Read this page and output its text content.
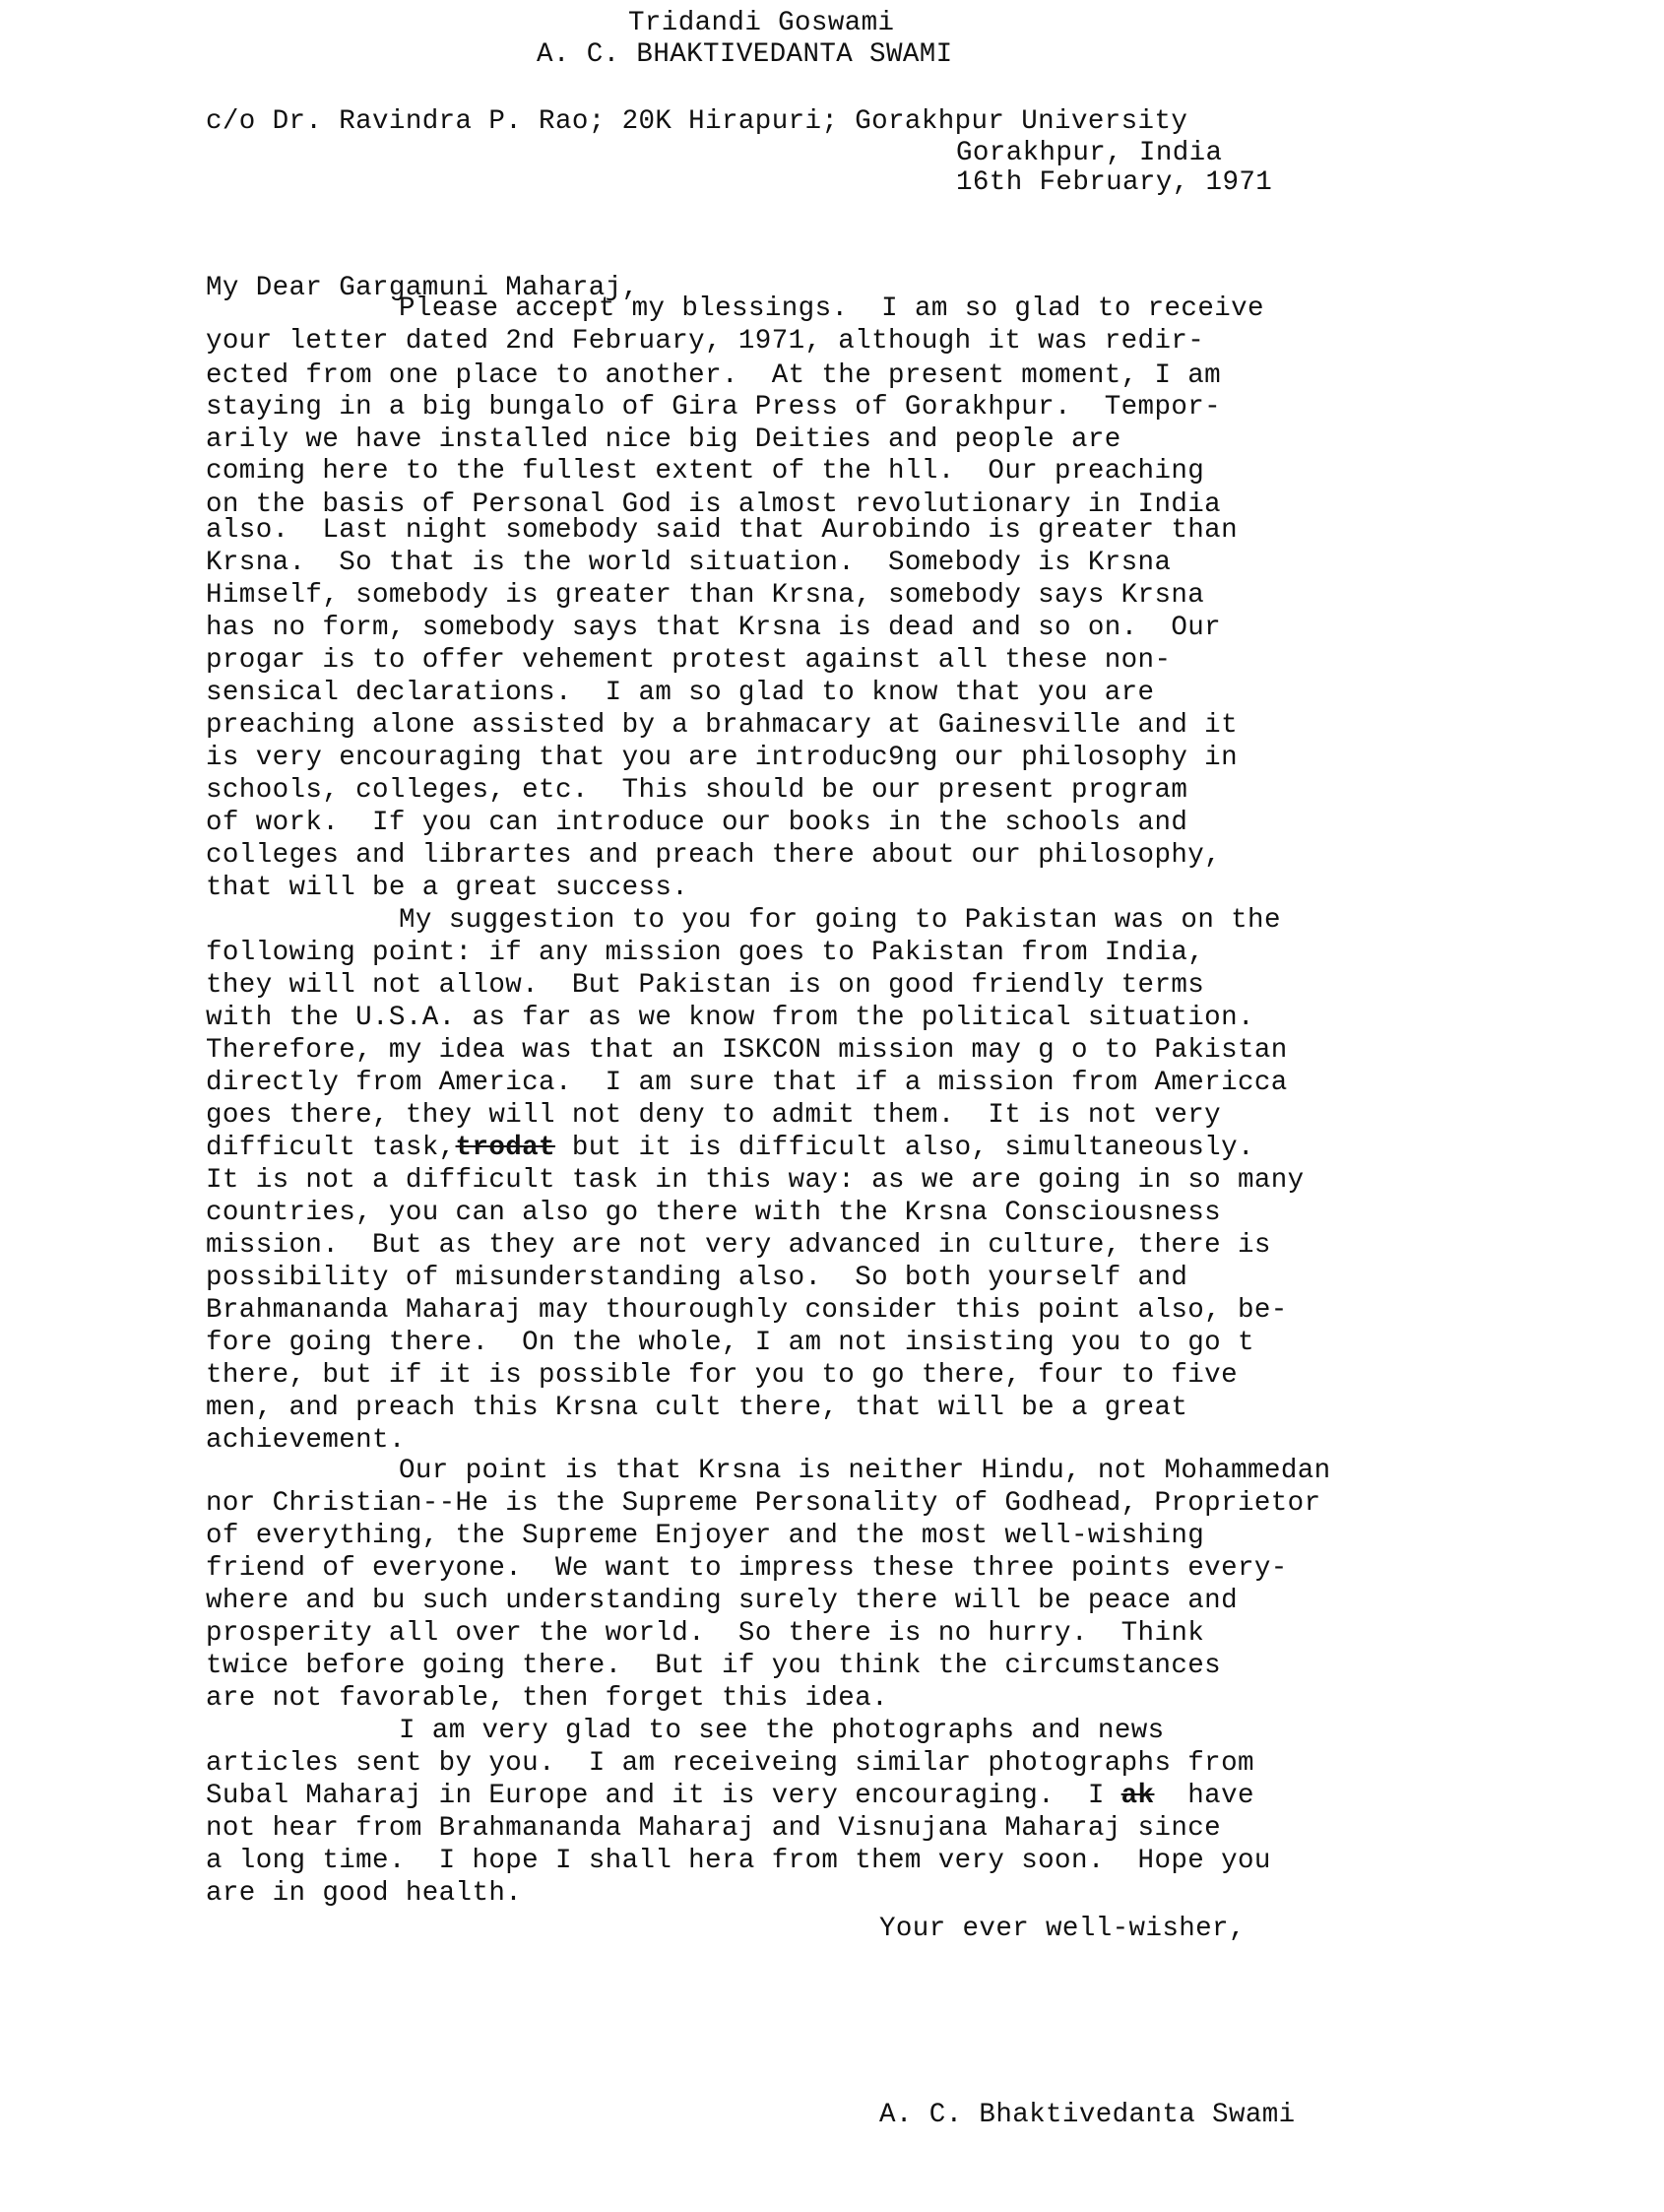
Tridandi Goswami
A. C. BHAKTIVEDANTA SWAMI
c/o Dr. Ravindra P. Rao; 20K Hirapuri; Gorakhpur University
Gorakhpur, India
16th February, 1971
My Dear Gargamuni Maharaj,
Please accept my blessings.  I am so glad to receive
your letter dated 2nd February, 1971, although it was redir-
ected from one place to another.  At the present moment, I am
staying in a big bungalo of Gira Press of Gorakhpur.  Tempor-
arily we have installed nice big Deities and people are
coming here to the fullest extent of the hll.  Our preaching
on the basis of Personal God is almost revolutionary in India
also.  Last night somebody said that Aurobindo is greater than
Krsna.  So that is the world situation.  Somebody is Krsna
Himself, somebody is greater than Krsna, somebody says Krsna
has no form, somebody says that Krsna is dead and so on.  Our
progar is to offer vehement protest against all these non-
sensical declarations.  I am so glad to know that you are
preaching alone assisted by a brahmacary at Gainesville and it
is very encouraging that you are introduc9ng our philosophy in
schools, colleges, etc.  This should be our present program
of work.  If you can introduce our books in the schools and
colleges and librartes and preach there about our philosophy,
that will be a great success.
My suggestion to you for going to Pakistan was on the
following point: if any mission goes to Pakistan from India,
they will not allow.  But Pakistan is on good friendly terms
with the U.S.A. as far as we know from the political situation.
Therefore, my idea was that an ISKCON mission may g o to Pakistan
directly from America.  I am sure that if a mission from Americca
goes there, they will not deny to admit them.  It is not very
difficult task,trodat but it is difficult also, simultaneously.
It is not a difficult task in this way: as we are going in so many
countries, you can also go there with the Krsna Consciousness
mission.  But as they are not very advanced in culture, there is
possibility of misunderstanding also.  So both yourself and
Brahmananda Maharaj may thouroughly consider this point also, be-
fore going there.  On the whole, I am not insisting you to go t
there, but if it is possible for you to go there, four to five
men, and preach this Krsna cult there, that will be a great
achievement.
Our point is that Krsna is neither Hindu, not Mohammedan
nor Christian--He is the Supreme Personality of Godhead, Proprietor
of everything, the Supreme Enjoyer and the most well-wishing
friend of everyone.  We want to impress these three points every-
where and bu such understanding surely there will be peace and
prosperity all over the world.  So there is no hurry.  Think
twice before going there.  But if you think the circumstances
are not favorable, then forget this idea.
I am very glad to see the photographs and news
articles sent by you.  I am receiveing similar photographs from
Subal Maharaj in Europe and it is very encouraging.  I ak have
not hear from Brahmananda Maharaj and Visnujana Maharaj since
a long time.  I hope I shall hera from them very soon.  Hope you
are in good health.
Your ever well-wisher,
A. C. Bhaktivedanta Swami
